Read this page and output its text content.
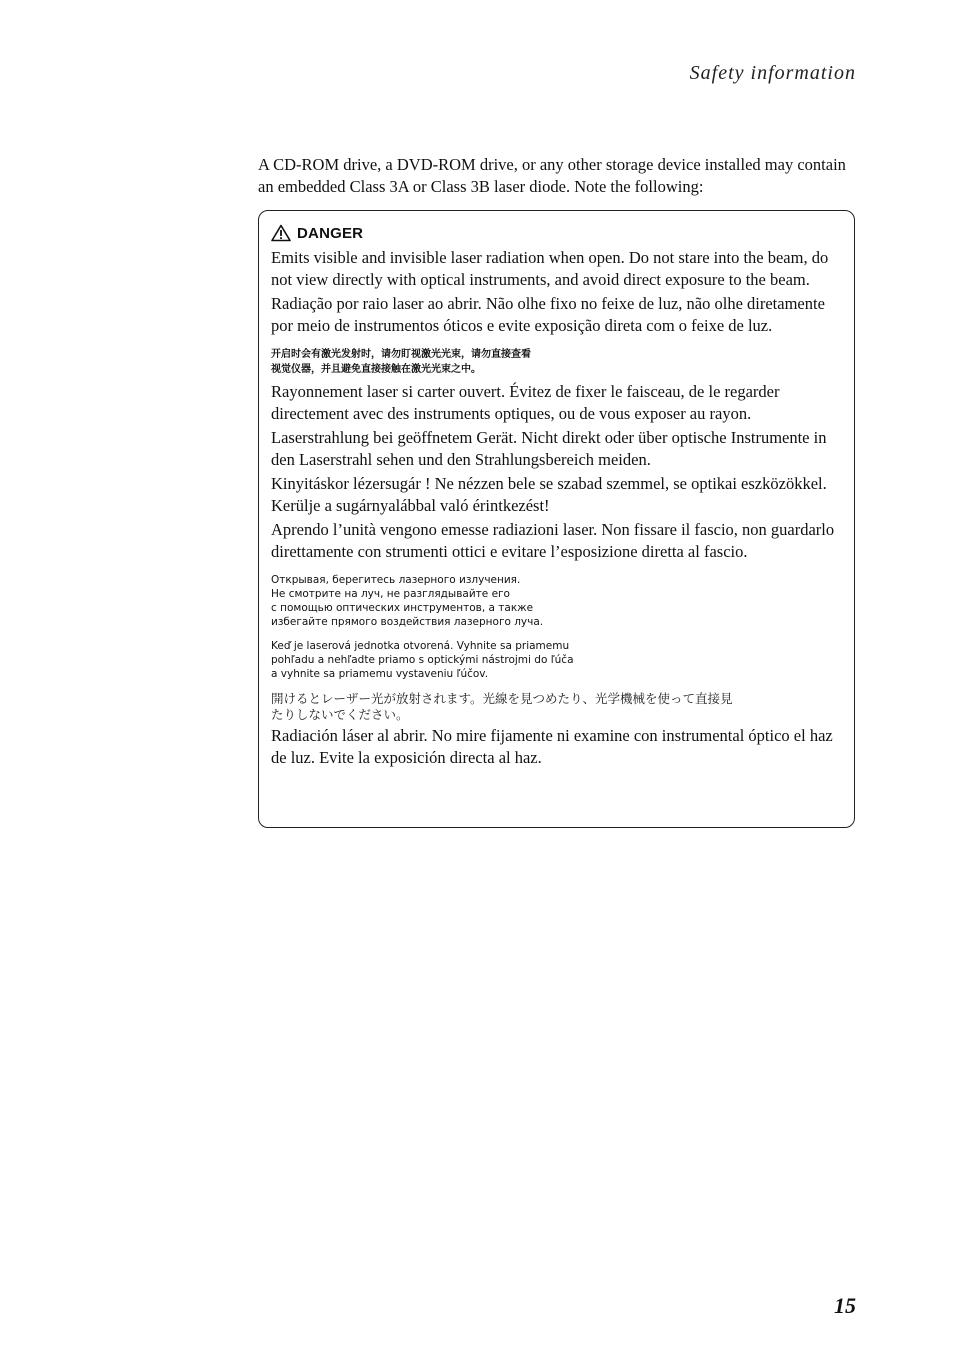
Safety information

A CD-ROM drive, a DVD-ROM drive, or any other storage device installed may contain an embedded Class 3A or Class 3B laser diode. Note the following:

DANGER

Emits visible and invisible laser radiation when open. Do not stare into the beam, do not view directly with optical instruments, and avoid direct exposure to the beam.

Radiação por raio laser ao abrir. Não olhe fixo no feixe de luz, não olhe diretamente por meio de instrumentos óticos e evite exposição direta com o feixe de luz.

开启时会有激光发射时，请勿盯视激光光束，请勿直接查看
视觉仪器，并且避免直接接触在激光光束之中。

Rayonnement laser si carter ouvert. Évitez de fixer le faisceau, de le regarder directement avec des instruments optiques, ou de vous exposer au rayon.

Laserstrahlung bei geöffnetem Gerät. Nicht direkt oder über optische Instrumente in den Laserstrahl sehen und den Strahlungsbereich meiden.

Kinyitáskor lézersugár ! Ne nézzen bele se szabad szemmel, se optikai eszközökkel. Kerülje a sugárnyalábbal való érintkezést!

Aprendo l’unità vengono emesse radiazioni laser. Non fissare il fascio, non guardarlo direttamente con strumenti ottici e evitare l’esposizione diretta al fascio.

Открывая, берегитесь лазерного излучения.
Не смотрите на луч, не разглядывайте его
с помощью оптических инструментов, а также
избегайте прямого воздействия лазерного луча.

Keď je laserová jednotka otvorená. Vyhnite sa priamemu
pohľadu a nehľadte priamo s optickými nástrojmi do ľúča
a vyhnite sa priamemu vystaveniu ľúčov.

開けるとレーザー光が放射されます。光線を見つめたり、光学機械を使って直接見
たりしないでください。

Radiación láser al abrir. No mire fijamente ni examine con instrumental óptico el haz de luz. Evite la exposición directa al haz.

15
